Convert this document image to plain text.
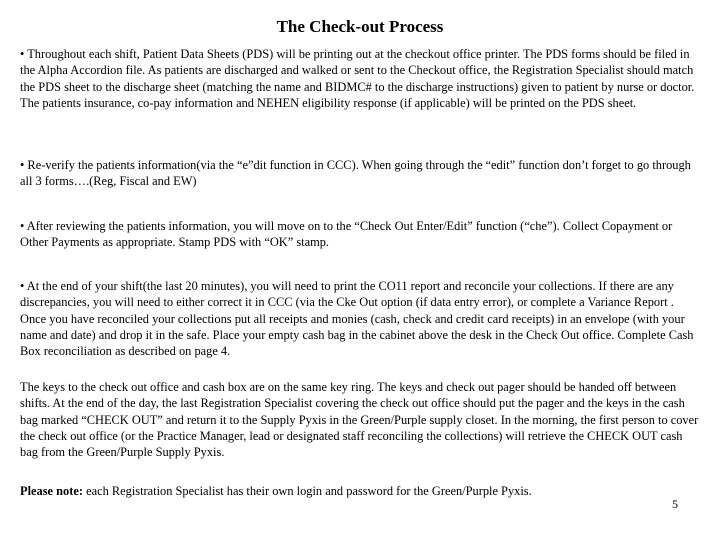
The Check-out Process

• Throughout each shift, Patient Data Sheets (PDS) will be printing out at the checkout office printer. The PDS forms should be filed in the Alpha Accordion file. As patients are discharged and walked or sent to the Checkout office, the Registration Specialist should match the PDS sheet to the discharge sheet (matching the name and BIDMC# to the discharge instructions) given to patient by nurse or doctor. The patients insurance, co-pay information and NEHEN eligibility response (if applicable) will be printed on the PDS sheet.

• Re-verify the patients information(via the “e”dit function in CCC). When going through the “edit” function don’t forget to go through all 3 forms….(Reg, Fiscal and EW)

• After reviewing the patients information, you will move on to the “Check Out Enter/Edit” function (“che”). Collect Copayment or Other Payments as appropriate. Stamp PDS with “OK” stamp.

• At the end of your shift(the last 20 minutes), you will need to print the CO11 report and reconcile your collections. If there are any discrepancies, you will need to either correct it in CCC (via the Cke Out option (if data entry error), or complete a Variance Report . Once you have reconciled your collections put all receipts and monies (cash, check and credit card receipts) in an envelope (with your name and date) and drop it in the safe. Place your empty cash bag in the cabinet above the desk in the Check Out office. Complete Cash Box reconciliation as described on page 4.

The keys to the check out office and cash box are on the same key ring. The keys and check out pager should be handed off between shifts. At the end of the day, the last Registration Specialist covering the check out office should put the pager and the keys in the cash bag marked “CHECK OUT” and return it to the Supply Pyxis in the Green/Purple supply closet. In the morning, the first person to cover the check out office (or the Practice Manager, lead or designated staff reconciling the collections) will retrieve the CHECK OUT cash bag from the Green/Purple Supply Pyxis.

Please note: each Registration Specialist has their own login and password for the Green/Purple Pyxis.

5
